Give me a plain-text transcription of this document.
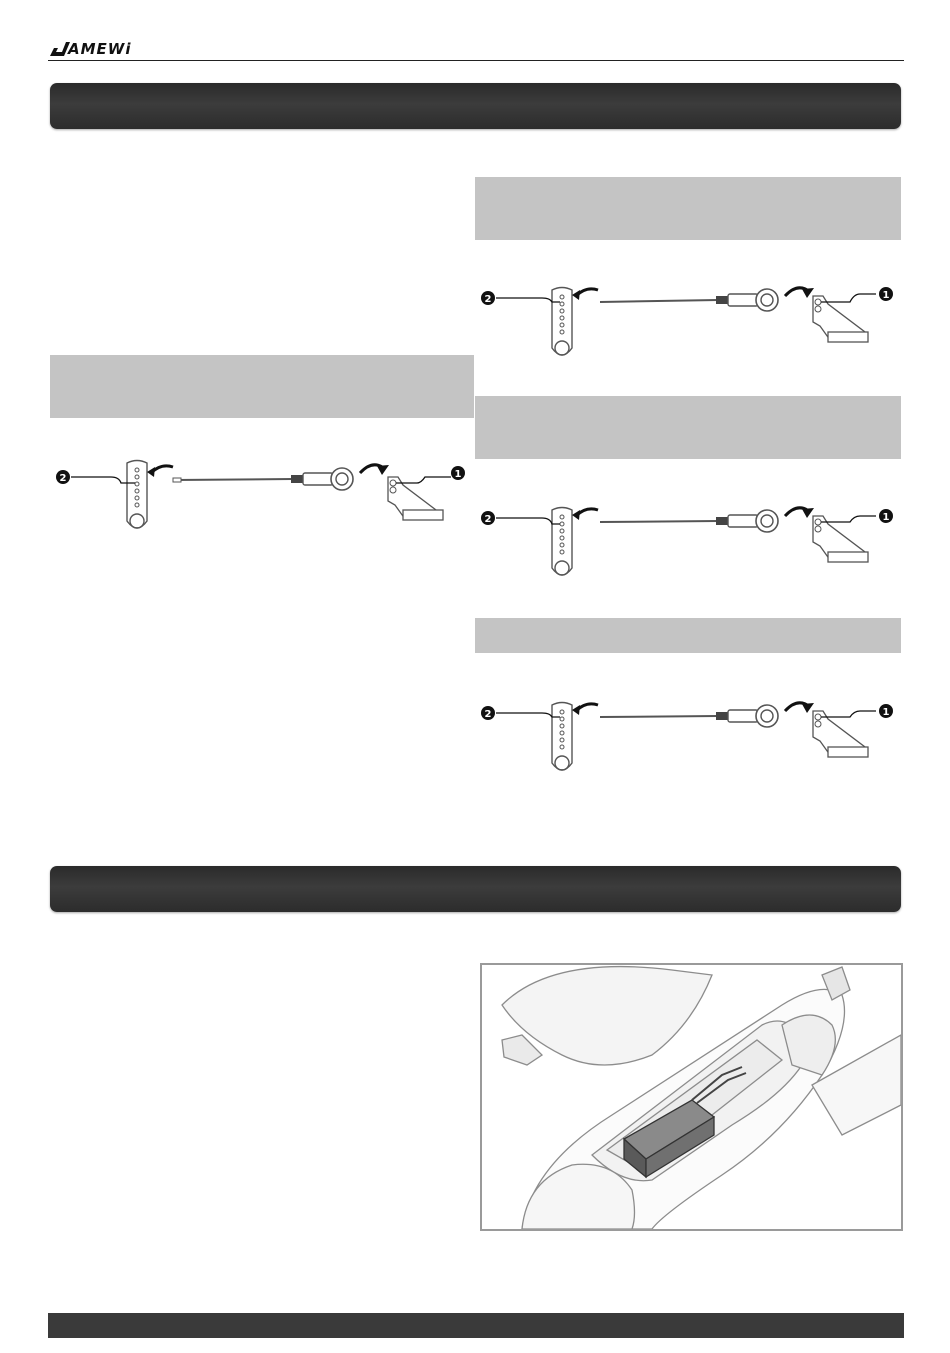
AMEWi
2	1
2	1
2	1
2	1
